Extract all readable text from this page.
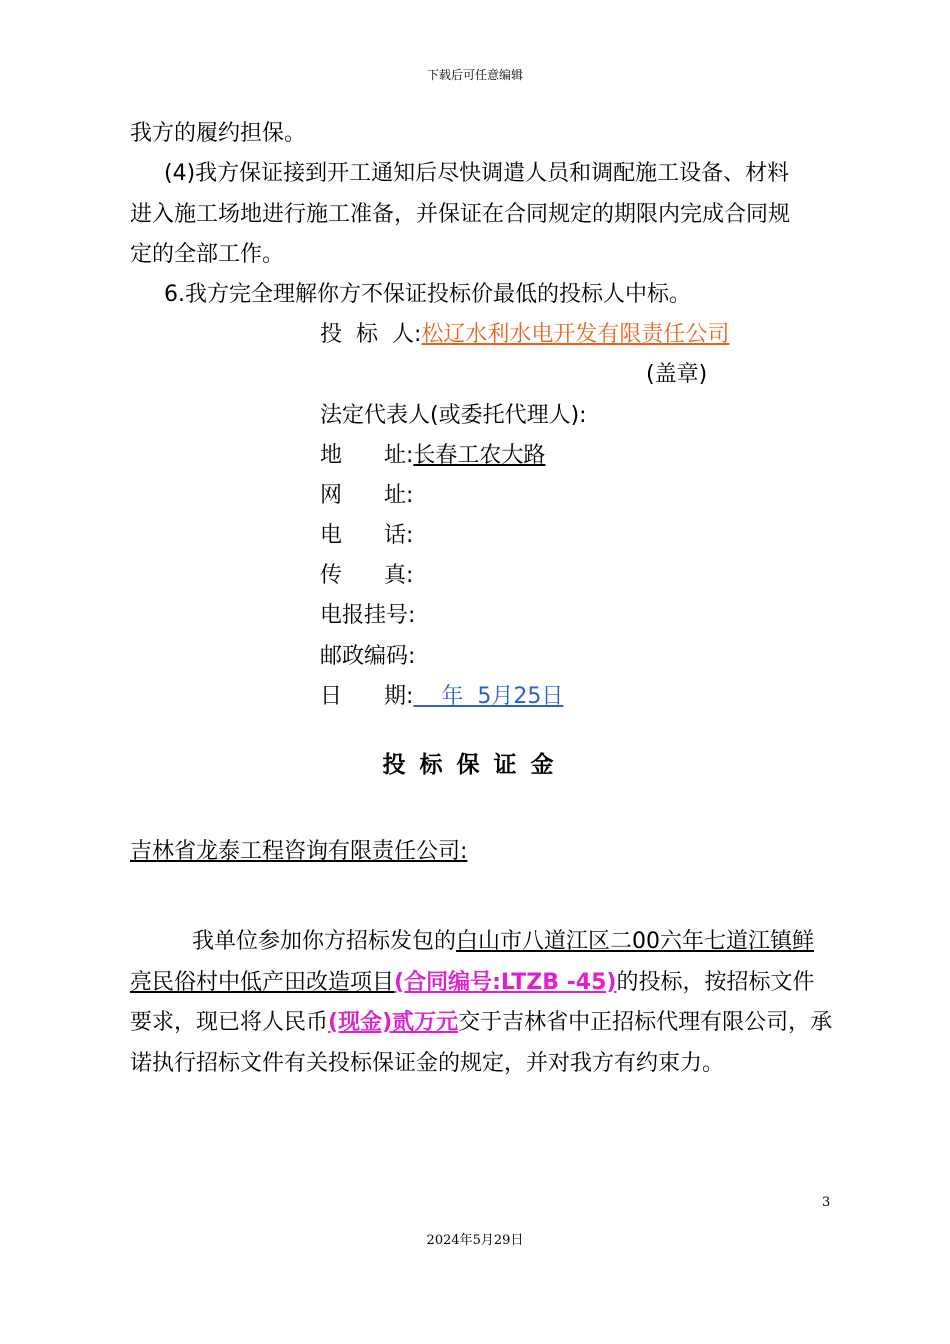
下载后可任意编辑
我方的履约担保。
(4)我方保证接到开工通知后尽快调遣人员和调配施工设备、材料
进入施工场地进行施工准备，并保证在合同规定的期限内完成合同规
定的全部工作。
6.我方完全理解你方不保证投标价最低的投标人中标。
投  标  人:松辽水利水电开发有限责任公司
(盖章)
法定代表人(或委托代理人):
地      址:长春工农大路
网      址:
电      话:
传      真:
电报挂号:
邮政编码:
日      期:    年  5月25日
投标保证金
吉林省龙泰工程咨询有限责任公司:
我单位参加你方招标发包的白山市八道江区二00六年七道江镇鲜亮民俗村中低产田改造项目(合同编号:LTZB -45)的投标，按招标文件要求，现已将人民币(现金)贰万元交于吉林省中正招标代理有限公司，承诺执行招标文件有关投标保证金的规定，并对我方有约束力。
3
2024年5月29日
